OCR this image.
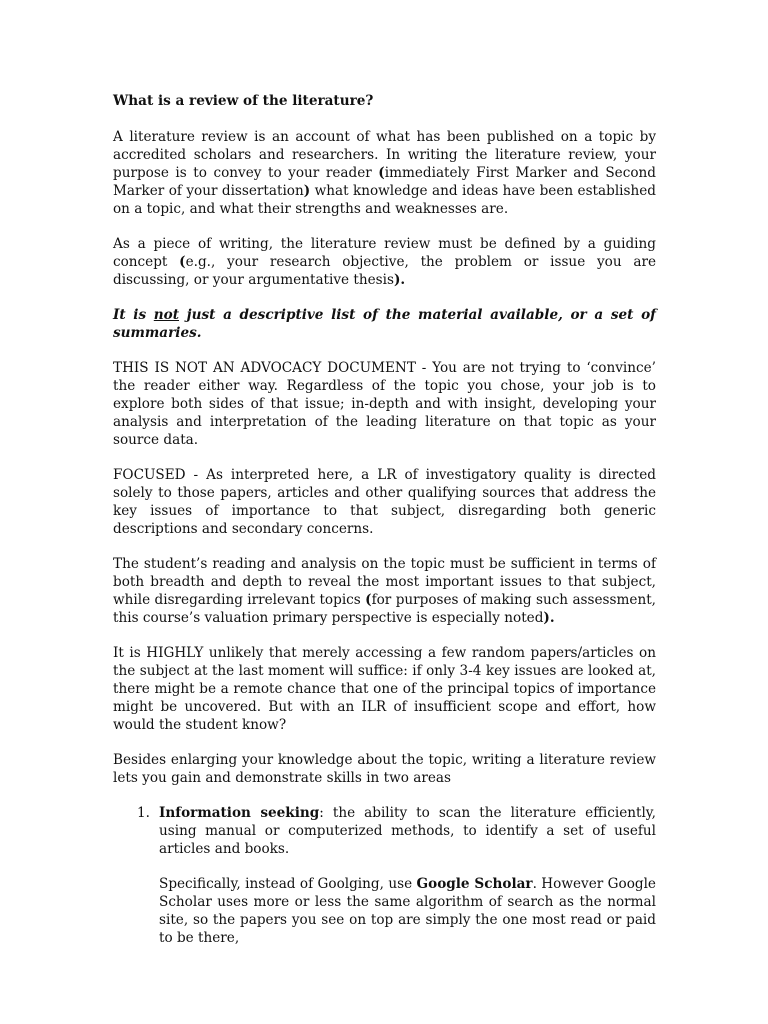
What is a review of the literature?

A literature review is an account of what has been published on a topic by accredited scholars and researchers. In writing the literature review, your purpose is to convey to your reader (immediately First Marker and Second Marker of your dissertation) what knowledge and ideas have been established on a topic, and what their strengths and weaknesses are.

As a piece of writing, the literature review must be defined by a guiding concept (e.g., your research objective, the problem or issue you are discussing, or your argumentative thesis).

It is not just a descriptive list of the material available, or a set of summaries.

THIS IS NOT AN ADVOCACY DOCUMENT - You are not trying to ‘convince’ the reader either way. Regardless of the topic you chose, your job is to explore both sides of that issue; in-depth and with insight, developing your analysis and interpretation of the leading literature on that topic as your source data.

FOCUSED - As interpreted here, a LR of investigatory quality is directed solely to those papers, articles and other qualifying sources that address the key issues of importance to that subject, disregarding both generic descriptions and secondary concerns.

The student’s reading and analysis on the topic must be sufficient in terms of both breadth and depth to reveal the most important issues to that subject, while disregarding irrelevant topics (for purposes of making such assessment, this course’s valuation primary perspective is especially noted).

It is HIGHLY unlikely that merely accessing a few random papers/articles on the subject at the last moment will suffice: if only 3-4 key issues are looked at, there might be a remote chance that one of the principal topics of importance might be uncovered. But with an ILR of insufficient scope and effort, how would the student know?

Besides enlarging your knowledge about the topic, writing a literature review lets you gain and demonstrate skills in two areas

1. Information seeking: the ability to scan the literature efficiently, using manual or computerized methods, to identify a set of useful articles and books.

Specifically, instead of Goolging, use Google Scholar. However Google Scholar uses more or less the same algorithm of search as the normal site, so the papers you see on top are simply the one most read or paid to be there,
